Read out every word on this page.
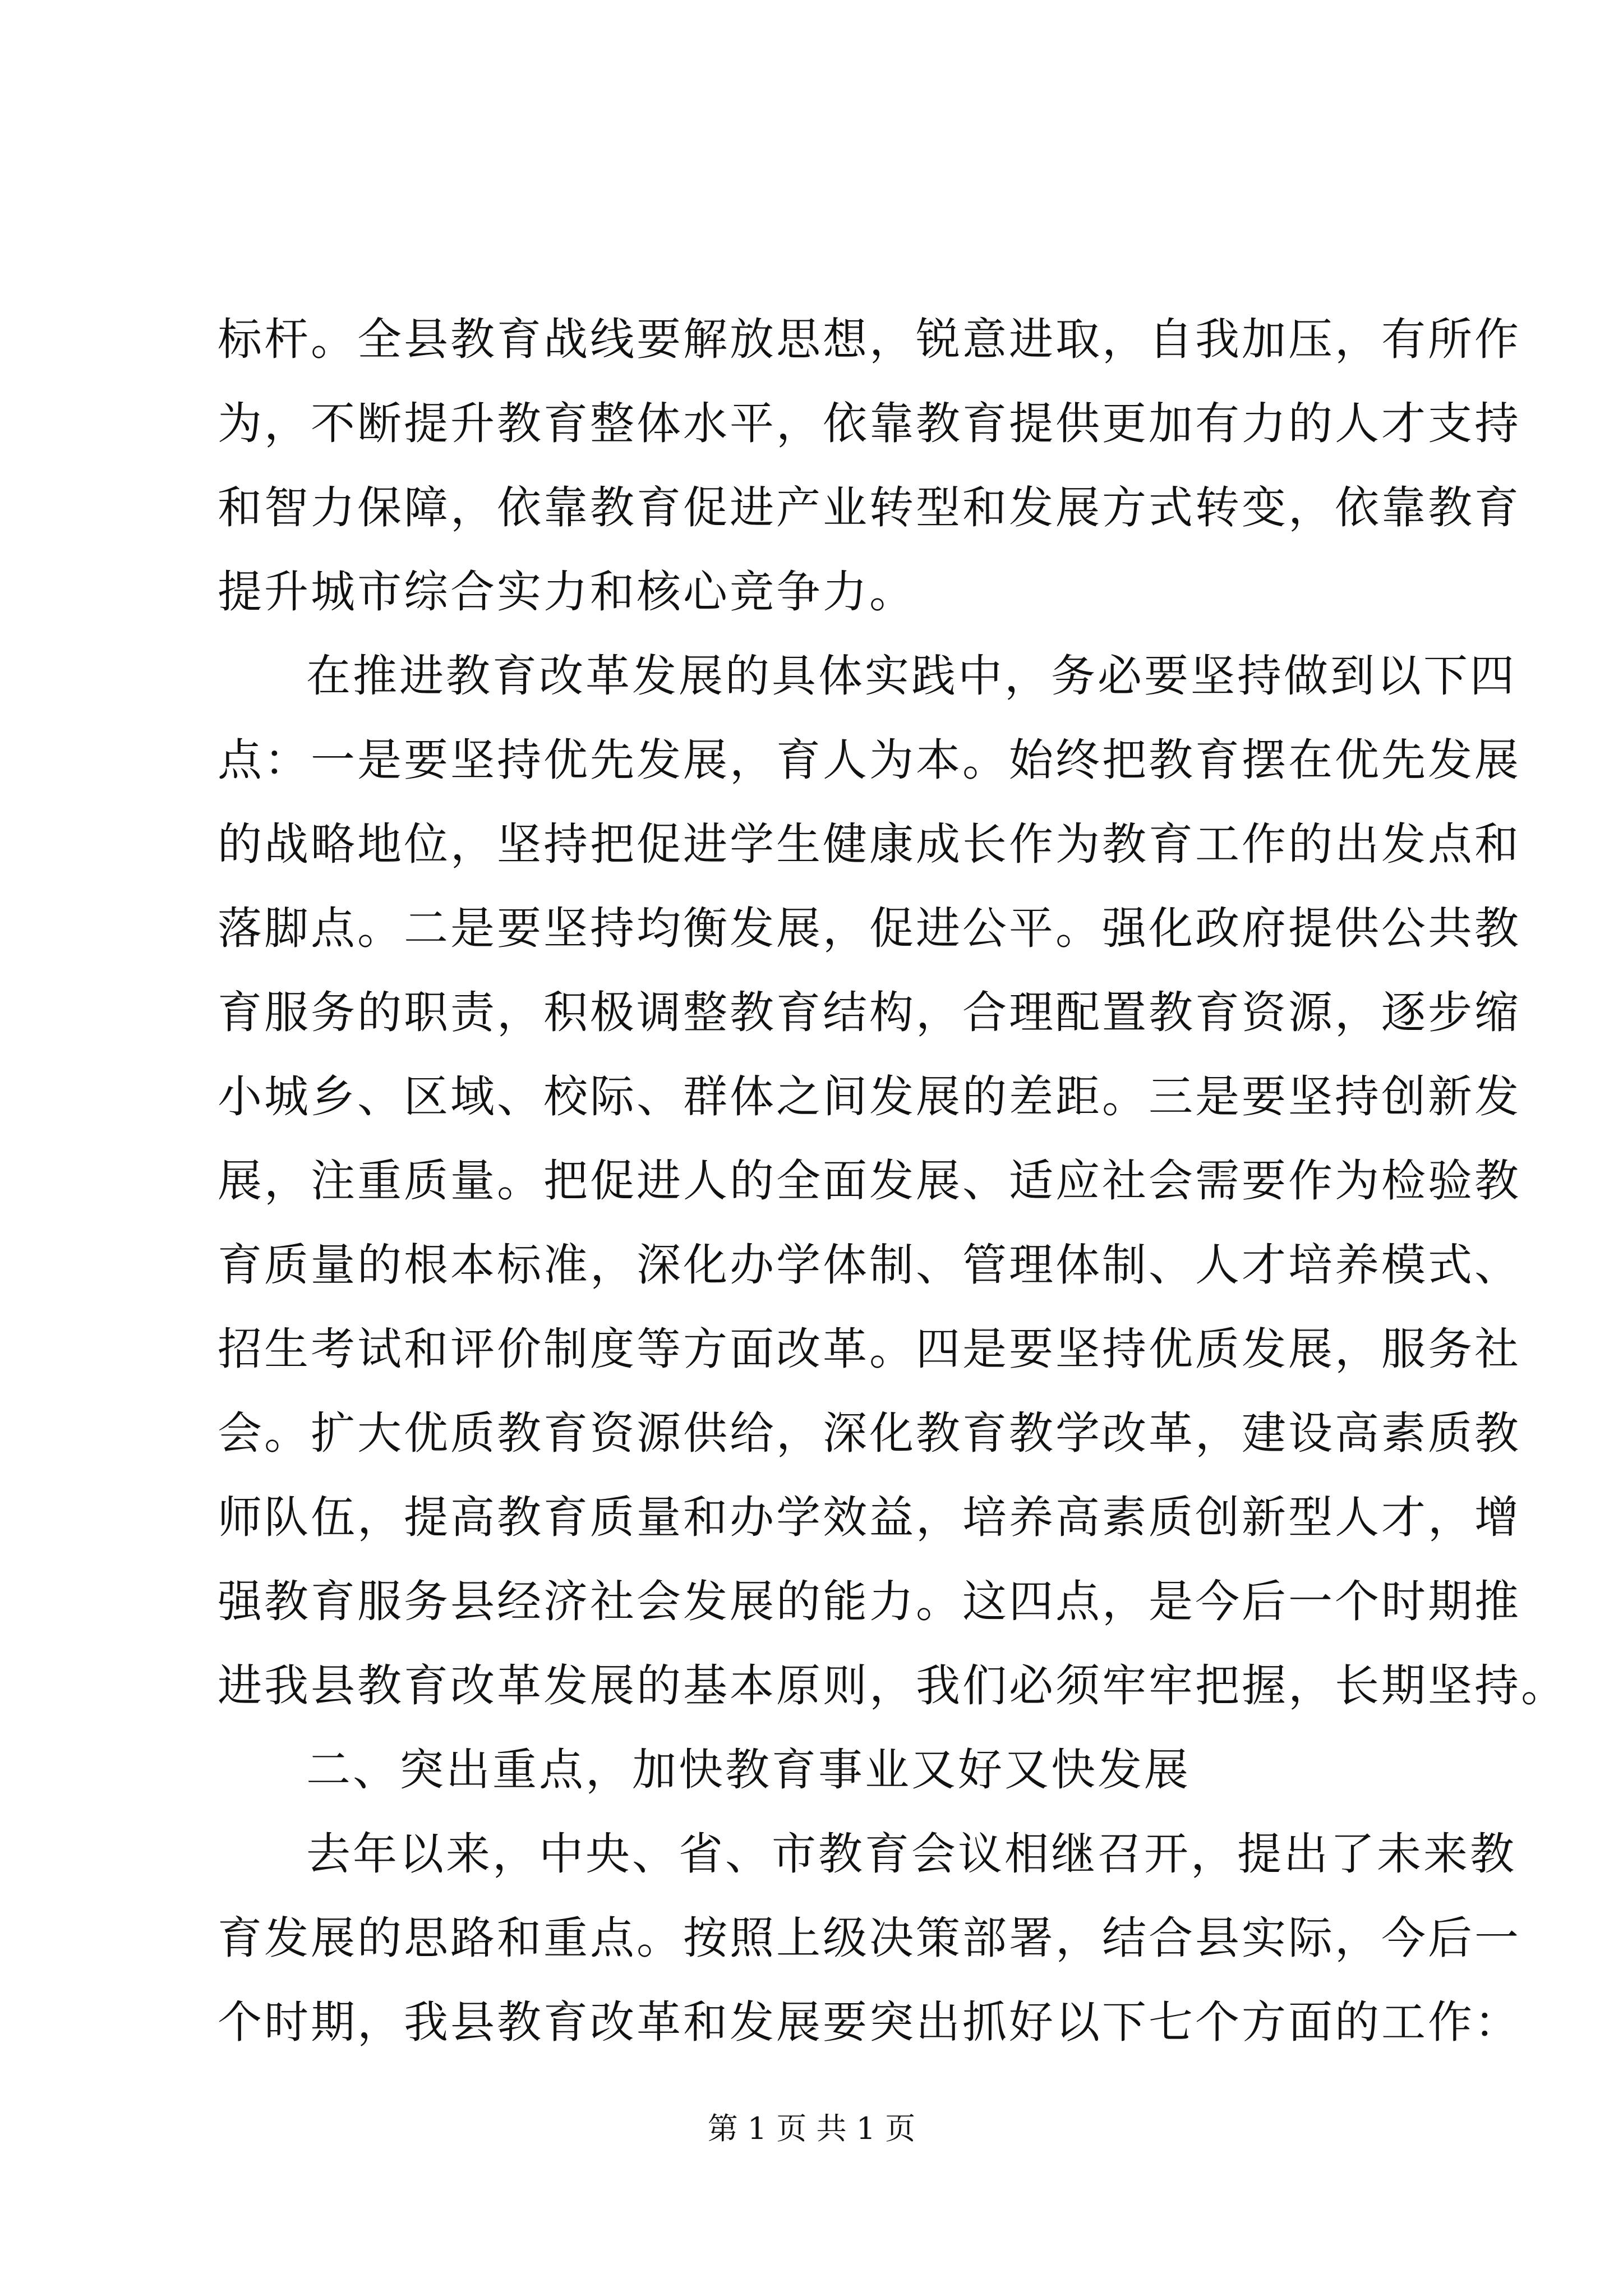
标杆。全县教育战线要解放思想，锐意进取，自我加压，有所作
为，不断提升教育整体水平，依靠教育提供更加有力的人才支持
和智力保障，依靠教育促进产业转型和发展方式转变，依靠教育
提升城市综合实力和核心竞争力。
在推进教育改革发展的具体实践中，务必要坚持做到以下四
点：一是要坚持优先发展，育人为本。始终把教育摆在优先发展
的战略地位，坚持把促进学生健康成长作为教育工作的出发点和
落脚点。二是要坚持均衡发展，促进公平。强化政府提供公共教
育服务的职责，积极调整教育结构，合理配置教育资源，逐步缩
小城乡、区域、校际、群体之间发展的差距。三是要坚持创新发
展，注重质量。把促进人的全面发展、适应社会需要作为检验教
育质量的根本标准，深化办学体制、管理体制、人才培养模式、
招生考试和评价制度等方面改革。四是要坚持优质发展，服务社
会。扩大优质教育资源供给，深化教育教学改革，建设高素质教
师队伍，提高教育质量和办学效益，培养高素质创新型人才，增
强教育服务县经济社会发展的能力。这四点，是今后一个时期推
进我县教育改革发展的基本原则，我们必须牢牢把握，长期坚持。
二、突出重点，加快教育事业又好又快发展
去年以来，中央、省、市教育会议相继召开，提出了未来教
育发展的思路和重点。按照上级决策部署，结合县实际，今后一
个时期，我县教育改革和发展要突出抓好以下七个方面的工作：
第 1 页 共 1 页
